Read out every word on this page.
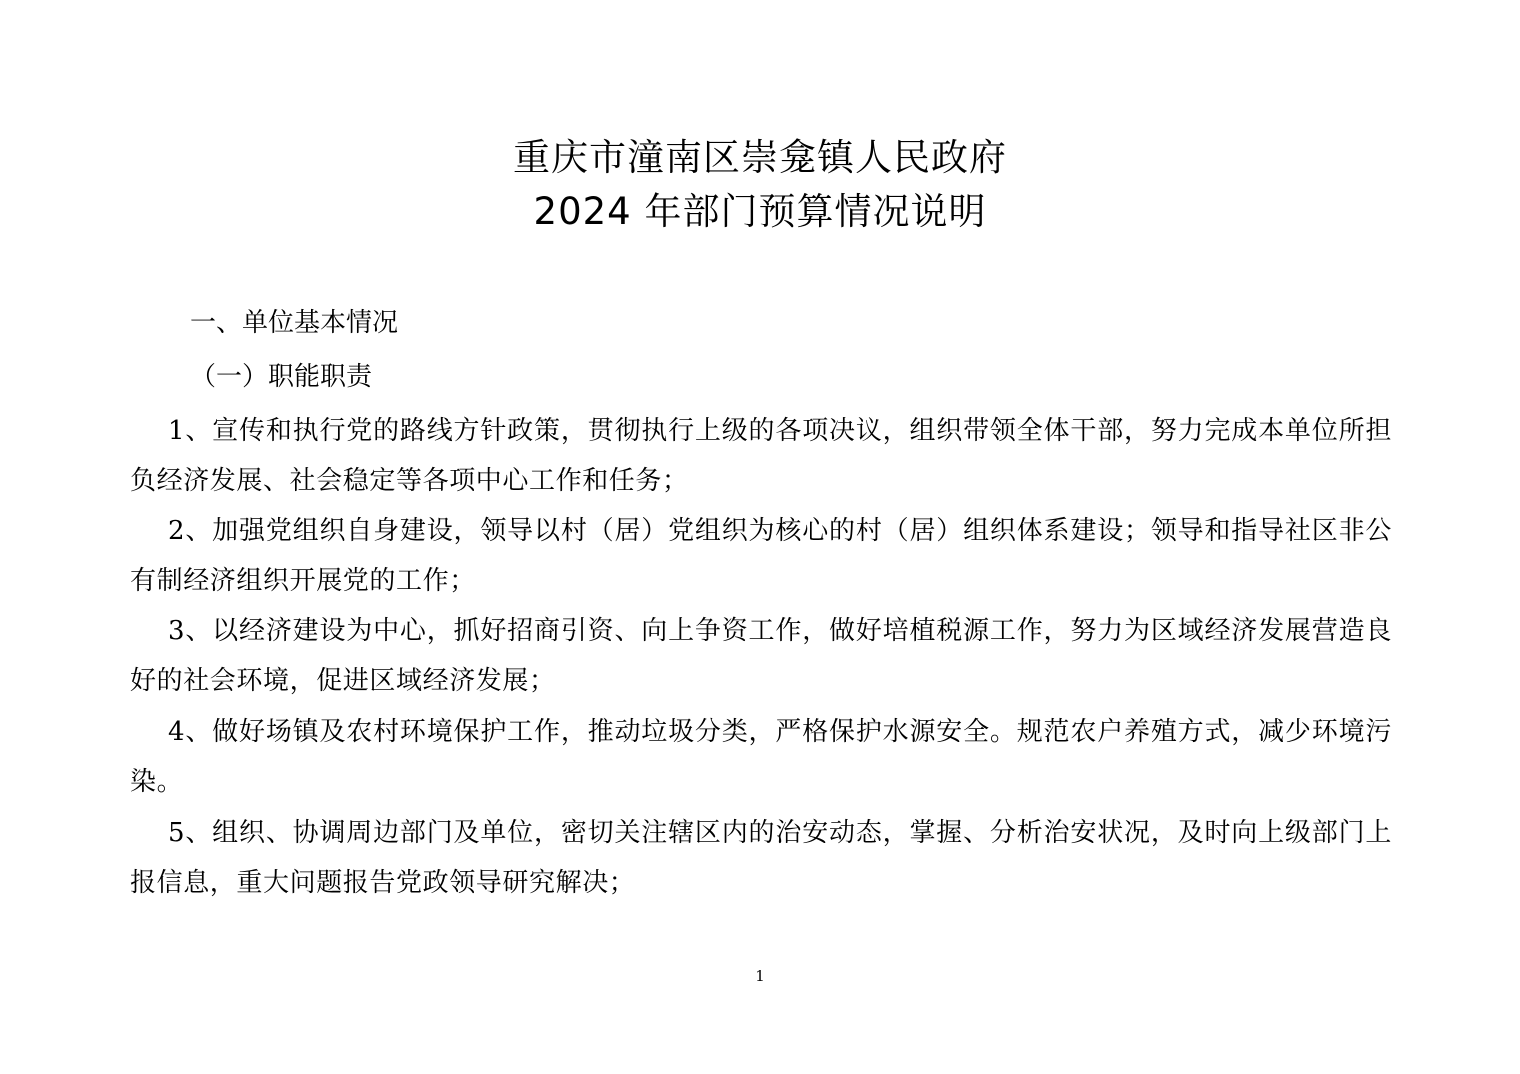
重庆市潼南区崇龛镇人民政府
2024 年部门预算情况说明
一、单位基本情况
（一）职能职责

1、宣传和执行党的路线方针政策，贯彻执行上级的各项决议，组织带领全体干部，努力完成本单位所担负经济发展、社会稳定等各项中心工作和任务；

2、加强党组织自身建设，领导以村（居）党组织为核心的村（居）组织体系建设；领导和指导社区非公有制经济组织开展党的工作；

3、以经济建设为中心，抓好招商引资、向上争资工作，做好培植税源工作，努力为区域经济发展营造良好的社会环境，促进区域经济发展；

4、做好场镇及农村环境保护工作，推动垃圾分类，严格保护水源安全。规范农户养殖方式，减少环境污染。

5、组织、协调周边部门及单位，密切关注辖区内的治安动态，掌握、分析治安状况，及时向上级部门上报信息，重大问题报告党政领导研究解决；

1
